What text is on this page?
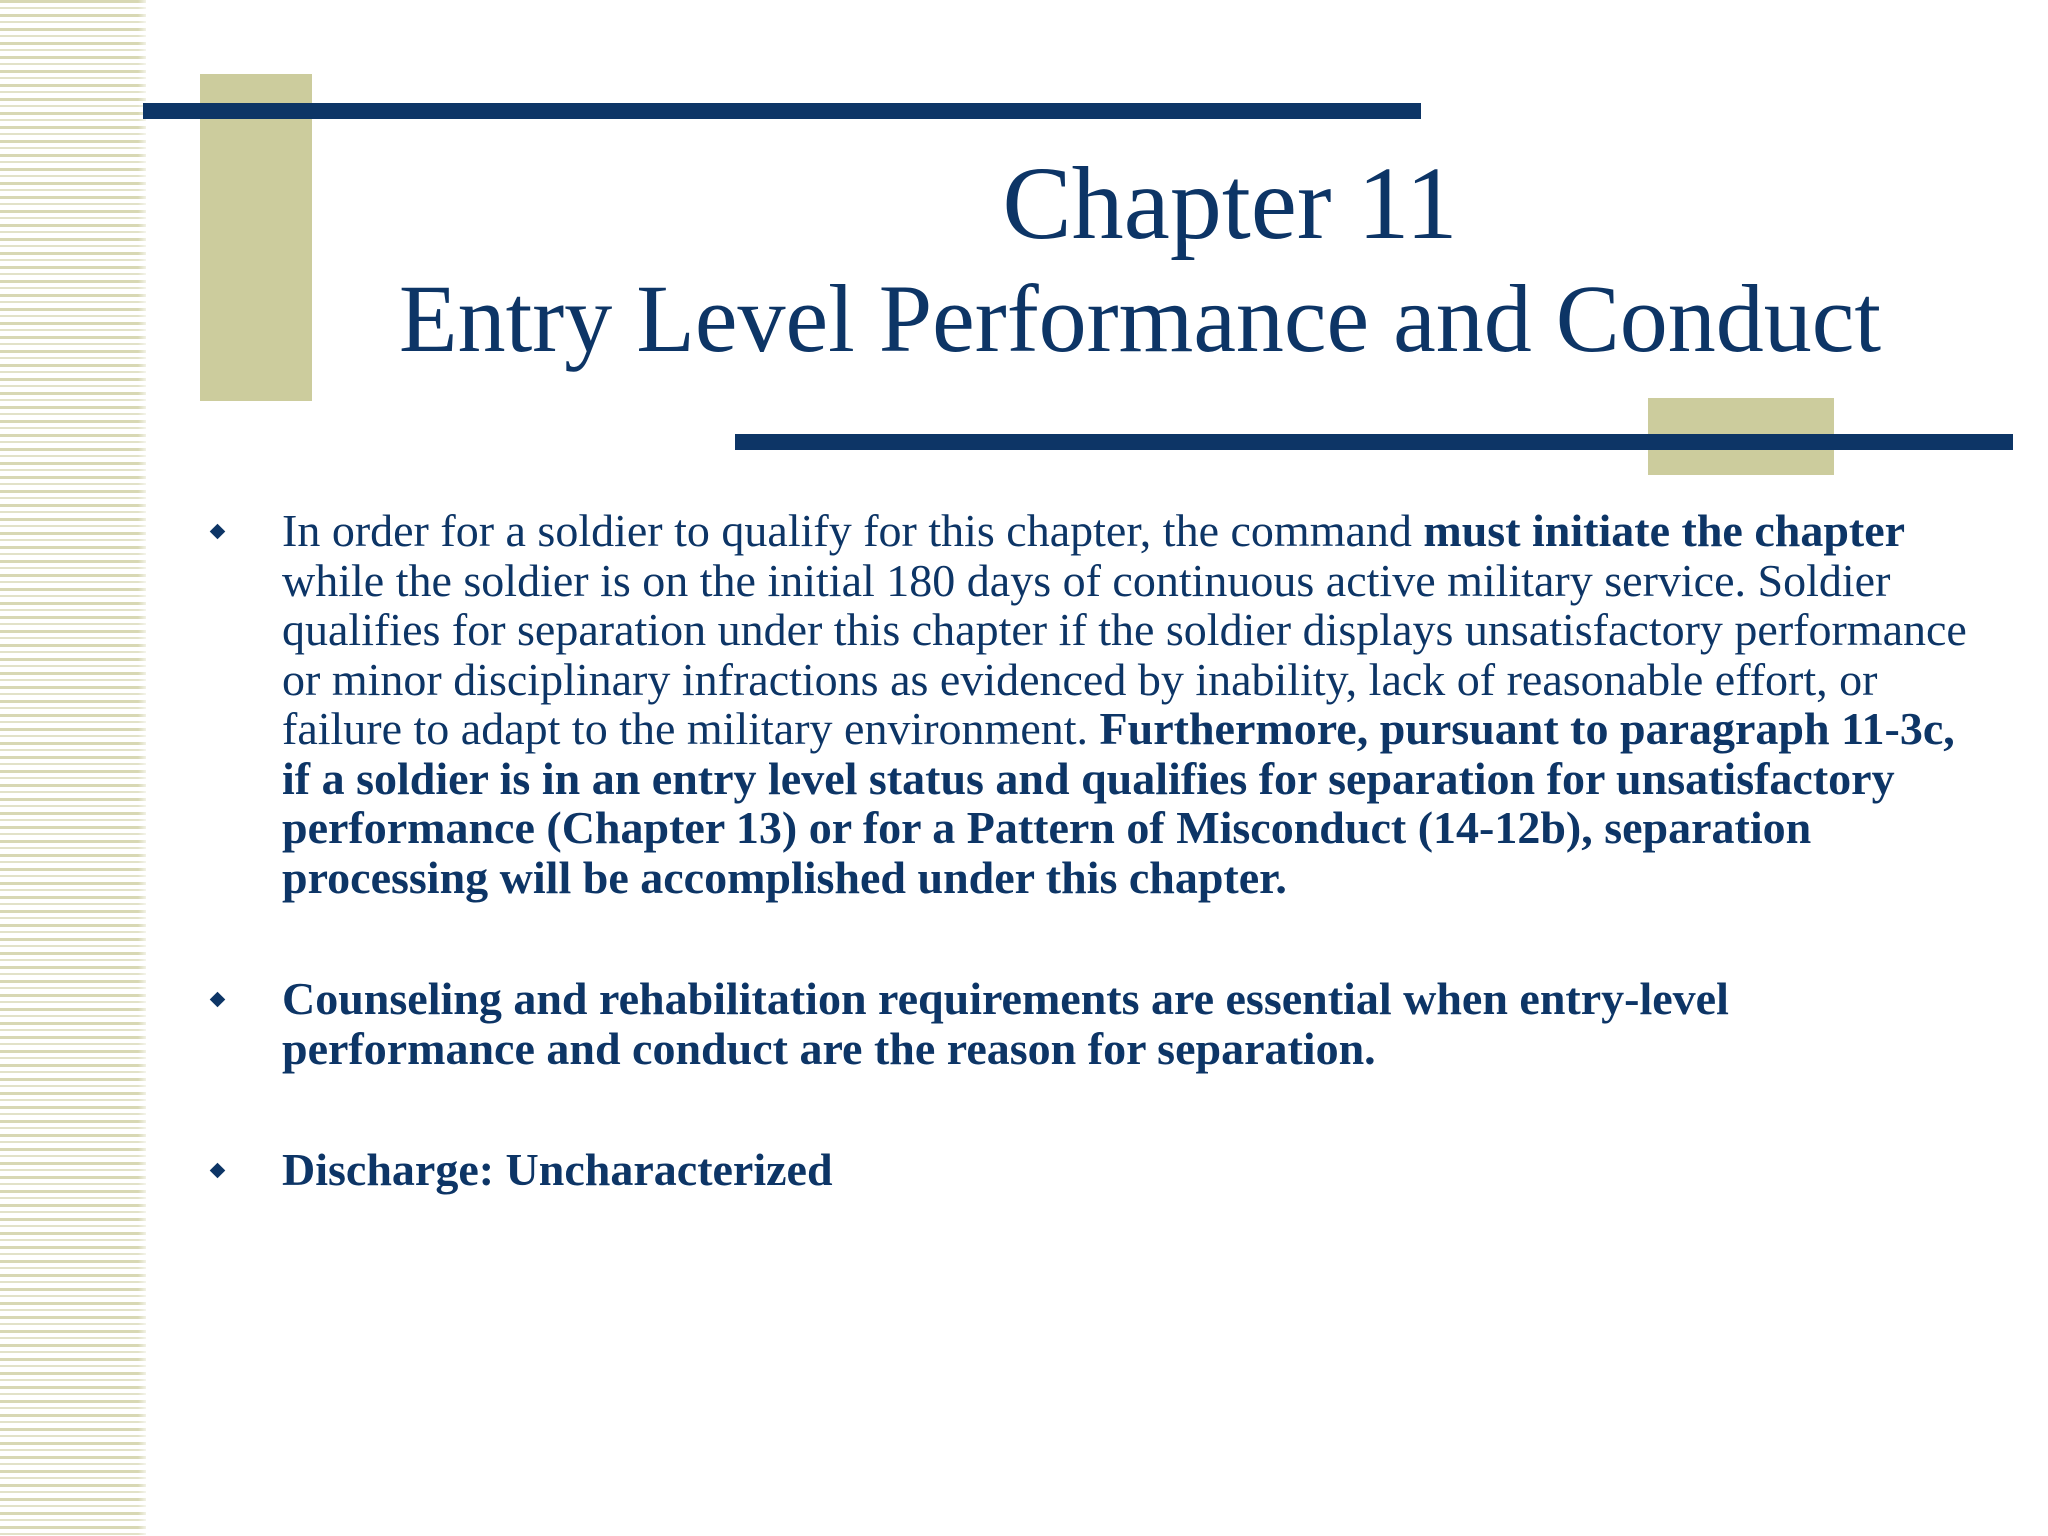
Chapter 11
Entry Level Performance and Conduct
In order for a soldier to qualify for this chapter, the command must initiate the chapter while the soldier is on the initial 180 days of continuous active military service. Soldier qualifies for separation under this chapter if the soldier displays unsatisfactory performance or minor disciplinary infractions as evidenced by inability, lack of reasonable effort, or failure to adapt to the military environment. Furthermore, pursuant to paragraph 11-3c, if a soldier is in an entry level status and qualifies for separation for unsatisfactory performance (Chapter 13) or for a Pattern of Misconduct (14-12b), separation processing will be accomplished under this chapter.
Counseling and rehabilitation requirements are essential when entry-level performance and conduct are the reason for separation.
Discharge: Uncharacterized
